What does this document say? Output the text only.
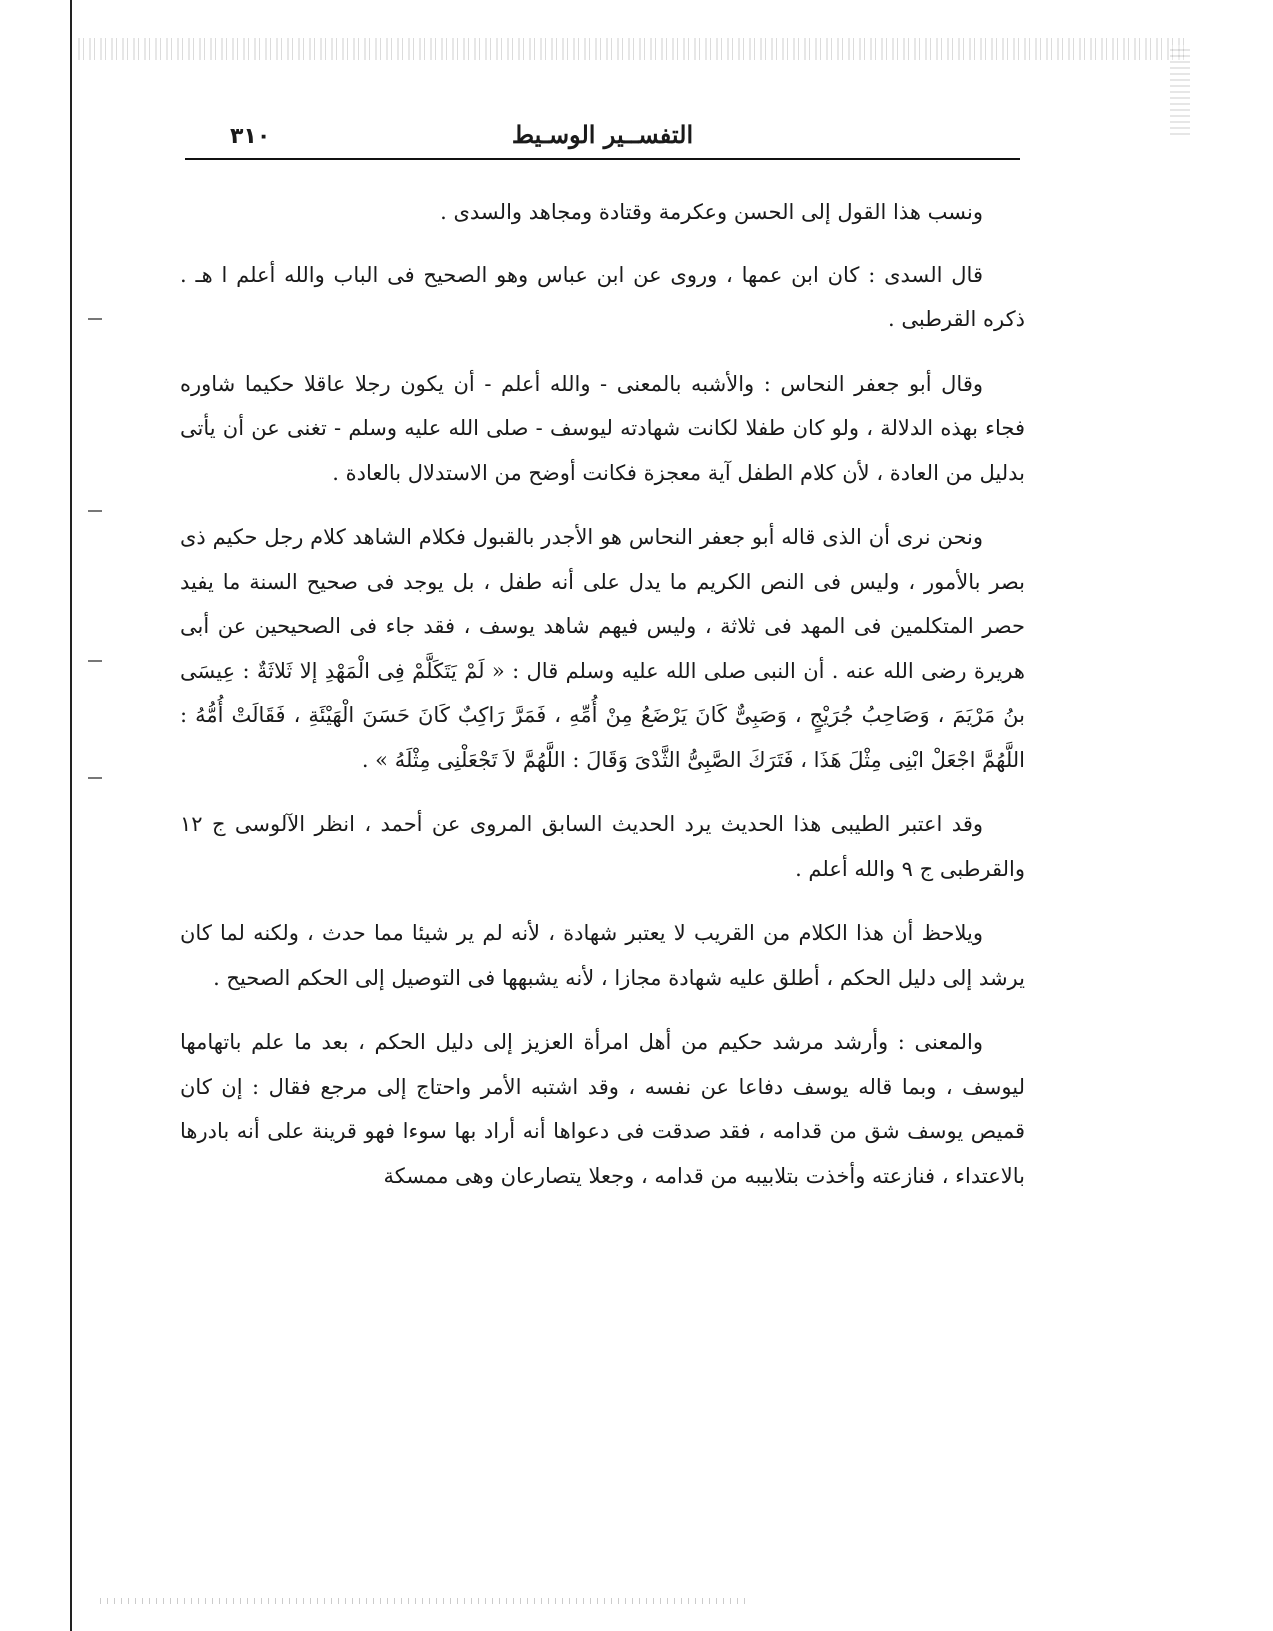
٣١٠	التفســير الوسـيط

ونسب هذا القول إلى الحسن وعكرمة وقتادة ومجاهد والسدى .

قال السدى : كان ابن عمها ، وروى عن ابن عباس وهو الصحيح فى الباب والله أعلم ا هـ . ذكره القرطبى .

وقال أبو جعفر النحاس : والأشبه بالمعنى - والله أعلم - أن يكون رجلا عاقلا حكيما شاوره فجاء بهذه الدلالة ، ولو كان طفلا لكانت شهادته ليوسف - صلى الله عليه وسلم - تغنى عن أن يأتى بدليل من العادة ، لأن كلام الطفل آية معجزة فكانت أوضح من الاستدلال بالعادة .

ونحن نرى أن الذى قاله أبو جعفر النحاس هو الأجدر بالقبول فكلام الشاهد كلام رجل حكيم ذى بصر بالأمور ، وليس فى النص الكريم ما يدل على أنه طفل ، بل يوجد فى صحيح السنة ما يفيد حصر المتكلمين فى المهد فى ثلاثة ، وليس فيهم شاهد يوسف ، فقد جاء فى الصحيحين عن أبى هريرة رضى الله عنه . أن النبى صلى الله عليه وسلم قال : « لَمْ يَتَكَلَّمْ فِى الْمَهْدِ إلا ثَلاثَةٌ : عِيسَى بنُ مَرْيَمَ ، وَصَاحِبُ جُرَيْجٍ ، وَصَبِىٌّ كَانَ يَرْضَعُ مِنْ أُمِّهِ ، فَمَرَّ رَاكِبٌ كَانَ حَسَنَ الْهَيْئَةِ ، فَقَالَتْ أُمُّهُ : اللَّهُمَّ اجْعَلْ ابْنِى مِثْلَ هَذَا ، فَتَرَكَ الصَّبِىُّ الثَّدْىَ وَقَالَ : اللَّهُمَّ لاَ تَجْعَلْنِى مِثْلَهُ » .

وقد اعتبر الطيبى هذا الحديث يرد الحديث السابق المروى عن أحمد ، انظر الآلوسى ج ١٢ والقرطبى ج ٩ والله أعلم .

ويلاحظ أن هذا الكلام من القريب لا يعتبر شهادة ، لأنه لم ير شيئا مما حدث ، ولكنه لما كان يرشد إلى دليل الحكم ، أطلق عليه شهادة مجازا ، لأنه يشبهها فى التوصيل إلى الحكم الصحيح .

والمعنى : وأرشد مرشد حكيم من أهل امرأة العزيز إلى دليل الحكم ، بعد ما علم باتهامها ليوسف ، وبما قاله يوسف دفاعا عن نفسه ، وقد اشتبه الأمر واحتاج إلى مرجع فقال : إن كان قميص يوسف شق من قدامه ، فقد صدقت فى دعواها أنه أراد بها سوءا فهو قرينة على أنه بادرها بالاعتداء ، فنازعته وأخذت بتلابيبه من قدامه ، وجعلا يتصارعان وهى ممسكة
